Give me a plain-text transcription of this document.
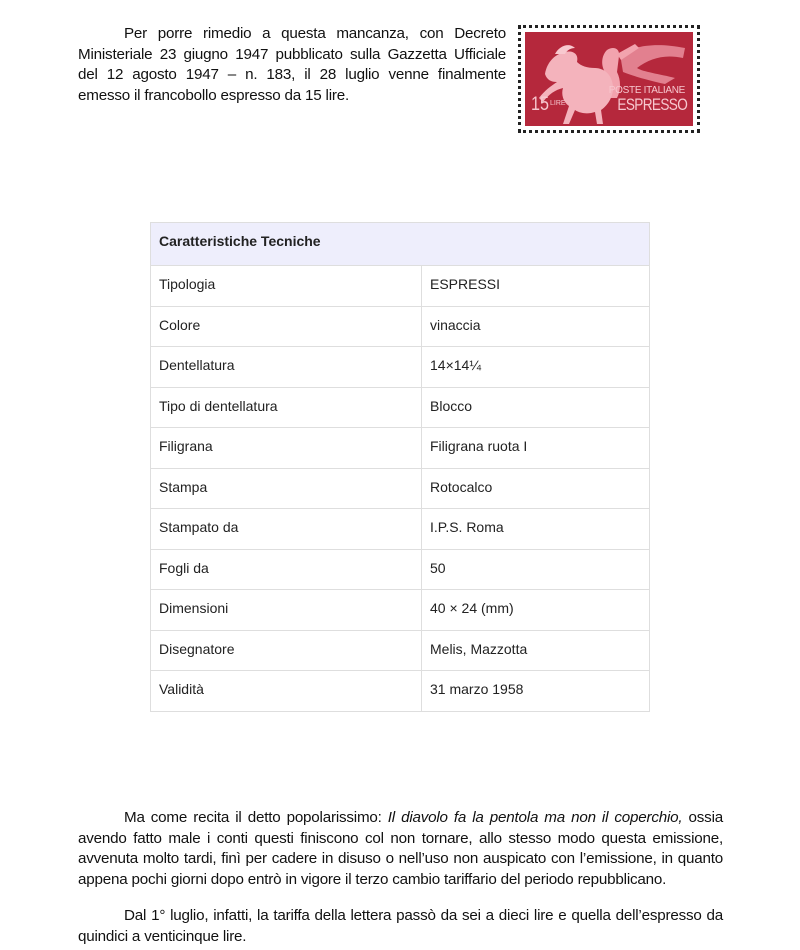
Per porre rimedio a questa mancanza, con Decreto Ministeriale 23 giugno 1947 pubblicato sulla Gazzetta Ufficiale del 12 agosto 1947 – n. 183, il 28 luglio venne finalmente emesso il francobollo espresso da 15 lire.	15 LIRE
POSTE ITALIANE
ESPRESSO
Caratteristiche Tecniche	
Tipologia	ESPRESSI
Colore	vinaccia
Dentellatura	14×14¼
Tipo di dentellatura	Blocco
Filigrana	Filigrana ruota I
Stampa	Rotocalco
Stampato da	I.P.S. Roma
Fogli da	50
Dimensioni	40 × 24 (mm)
Disegnatore	Melis, Mazzotta
Validità	31 marzo 1958
Ma come recita il detto popolarissimo: Il diavolo fa la pentola ma non il coperchio, ossia avendo fatto male i conti questi finiscono col non tornare, allo stesso modo questa emissione, avvenuta molto tardi, finì per cadere in disuso o nell’uso non auspicato con l’emissione, in quanto appena pochi giorni dopo entrò in vigore il terzo cambio tariffario del periodo repubblicano.
Dal 1° luglio, infatti, la tariffa della lettera passò da sei a dieci lire e quella dell’espresso da quindici a venticinque lire.
